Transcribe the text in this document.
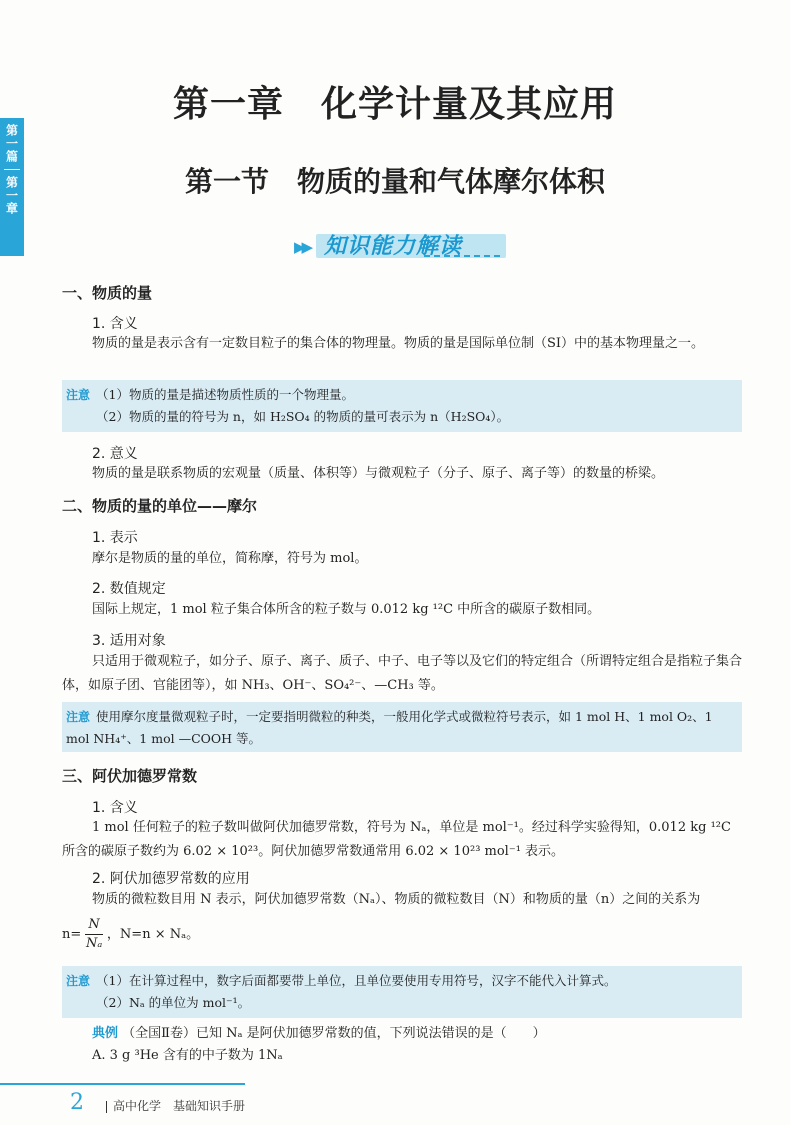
第一篇
第一章
第一章　化学计量及其应用
第一节　物质的量和气体摩尔体积
▶▶ 知识能力解读
一、物质的量
1. 含义
物质的量是表示含有一定数目粒子的集合体的物理量。物质的量是国际单位制（SI）中的基本物理量之一。
注意 （1）物质的量是描述物质性质的一个物理量。
（2）物质的量的符号为 n，如 H₂SO₄ 的物质的量可表示为 n（H₂SO₄）。
2. 意义
物质的量是联系物质的宏观量（质量、体积等）与微观粒子（分子、原子、离子等）的数量的桥梁。
二、物质的量的单位——摩尔
1. 表示
摩尔是物质的量的单位，简称摩，符号为 mol。
2. 数值规定
国际上规定，1 mol 粒子集合体所含的粒子数与 0.012 kg ¹²C 中所含的碳原子数相同。
3. 适用对象
只适用于微观粒子，如分子、原子、离子、质子、中子、电子等以及它们的特定组合（所谓特定组合是指粒子集合体，如原子团、官能团等），如 NH₃、OH⁻、SO₄²⁻、—CH₃ 等。
注意 使用摩尔度量微观粒子时，一定要指明微粒的种类，一般用化学式或微粒符号表示，如 1 mol H、1 mol O₂、1 mol NH₄⁺、1 mol —COOH 等。
三、阿伏加德罗常数
1. 含义
1 mol 任何粒子的粒子数叫做阿伏加德罗常数，符号为 Nₐ，单位是 mol⁻¹。经过科学实验得知，0.012 kg ¹²C 所含的碳原子数约为 6.02 × 10²³。阿伏加德罗常数通常用 6.02 × 10²³ mol⁻¹ 表示。
2. 阿伏加德罗常数的应用
物质的微粒数目用 N 表示，阿伏加德罗常数（Nₐ）、物质的微粒数目（N）和物质的量（n）之间的关系为
$n= \frac{N}{\text{Nₐ}}$ ，N=n × Nₐ。
注意 （1）在计算过程中，数字后面都要带上单位，且单位要使用专用符号，汉字不能代入计算式。
（2）Nₐ 的单位为 mol⁻¹。
典例 （全国Ⅱ卷）已知 Nₐ 是阿伏加德罗常数的值，下列说法错误的是（　　）
A. 3 g ³He 含有的中子数为 1Nₐ
2	高中化学　基础知识手册
